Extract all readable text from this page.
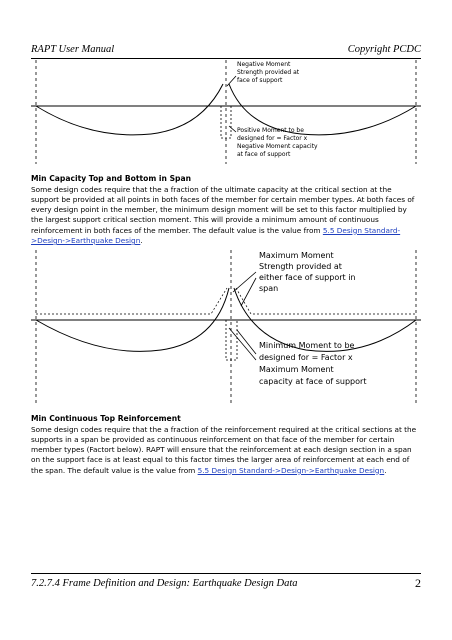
RAPT User Manual	Copyright PCDC
Negative Moment
Strength provided at
face of support
Positive Moment to be
designed for = Factor x
Negative Moment capacity
at face of support
Min Capacity Top and Bottom in Span

Some design codes require that the a fraction of the ultimate capacity at the critical section at the support be provided at all points in both faces of the member for certain member types. At both faces of every design point in the member, the minimum design moment will be set to this factor multiplied by the largest support critical section moment. This will provide a minimum amount of continuous reinforcement in both faces of the member. The default value is the value from 5.5 Design Standard->Design->Earthquake Design.

Maximum Moment
Strength provided at
either face of support in
span
Minimum Moment to be
designed for = Factor x
Maximum Moment
capacity at face of support
Min Continuous Top Reinforcement

Some design codes require that the a fraction of the reinforcement required at the critical sections at the supports in a span be provided as continuous reinforcement on that face of the member for certain member types (Factort below). RAPT will ensure that the reinforcement at each design section in a span on the support face is at least equal to this factor times the larger area of reinforcement at each end of the span. The default value is the value from 5.5 Design Standard->Design->Earthquake Design.

7.2.7.4 Frame Definition and Design: Earthquake Design Data	2
